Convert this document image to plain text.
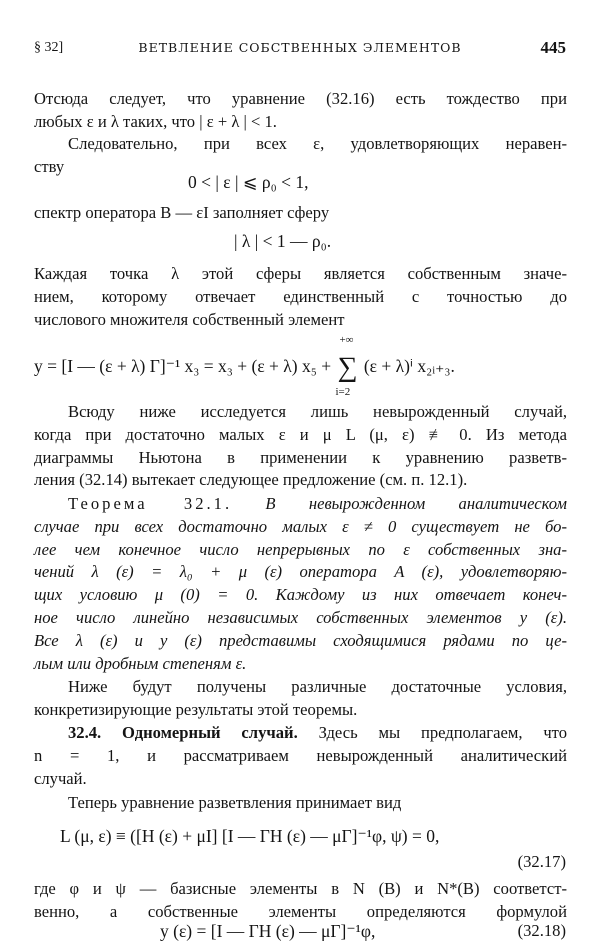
§ 32]	ВЕТВЛЕНИЕ СОБСТВЕННЫХ ЭЛЕМЕНТОВ	445
Отсюда следует, что уравнение (32.16) есть тождество при
любых ε и λ таких, что | ε + λ | < 1.
Следовательно, при всех ε, удовлетворяющих неравен-
ству
0 < | ε | ⩽ ρ₀ < 1,
спектр оператора B — εI заполняет сферу
| λ | < 1 — ρ₀.
Каждая точка λ этой сферы является собственным значе-
нием, которому отвечает единственный с точностью до
числового множителя собственный элемент
y = [I — (ε + λ) Γ]⁻¹ x₃ = x₃ + (ε + λ) x₅ + ∑
+∞
i=2
(ε + λ)ⁱ x₂ᵢ₊₃.
Всюду ниже исследуется лишь невырожденный случай,
когда при достаточно малых ε и μ L (μ, ε) ≢ 0. Из метода
диаграммы Ньютона в применении к уравнению разветв-
ления (32.14) вытекает следующее предложение (см. п. 12.1).
Теорема 32.1. В невырожденном аналитическом
случае при всех достаточно малых ε ≠ 0 существует не бо-
лее чем конечное число непрерывных по ε собственных зна-
чений λ (ε) = λ₀ + μ (ε) оператора A (ε), удовлетворяю-
щих условию μ (0) = 0. Каждому из них отвечает конеч-
ное число линейно независимых собственных элементов y (ε).
Все λ (ε) и y (ε) представимы сходящимися рядами по це-
лым или дробным степеням ε.
Ниже будут получены различные достаточные условия,
конкретизирующие результаты этой теоремы.
32.4. Одномерный случай. Здесь мы предполагаем, что
n = 1, и рассматриваем невырожденный аналитический
случай.
Теперь уравнение разветвления принимает вид
L (μ, ε) ≡ ([H (ε) + μI] [I — ΓH (ε) — μΓ]⁻¹φ, ψ) = 0,
(32.17)
где φ и ψ — базисные элементы в N (B) и N*(B) соответст-
венно, а собственные элементы определяются формулой
y (ε) = [I — ΓH (ε) — μΓ]⁻¹φ,	(32.18)
